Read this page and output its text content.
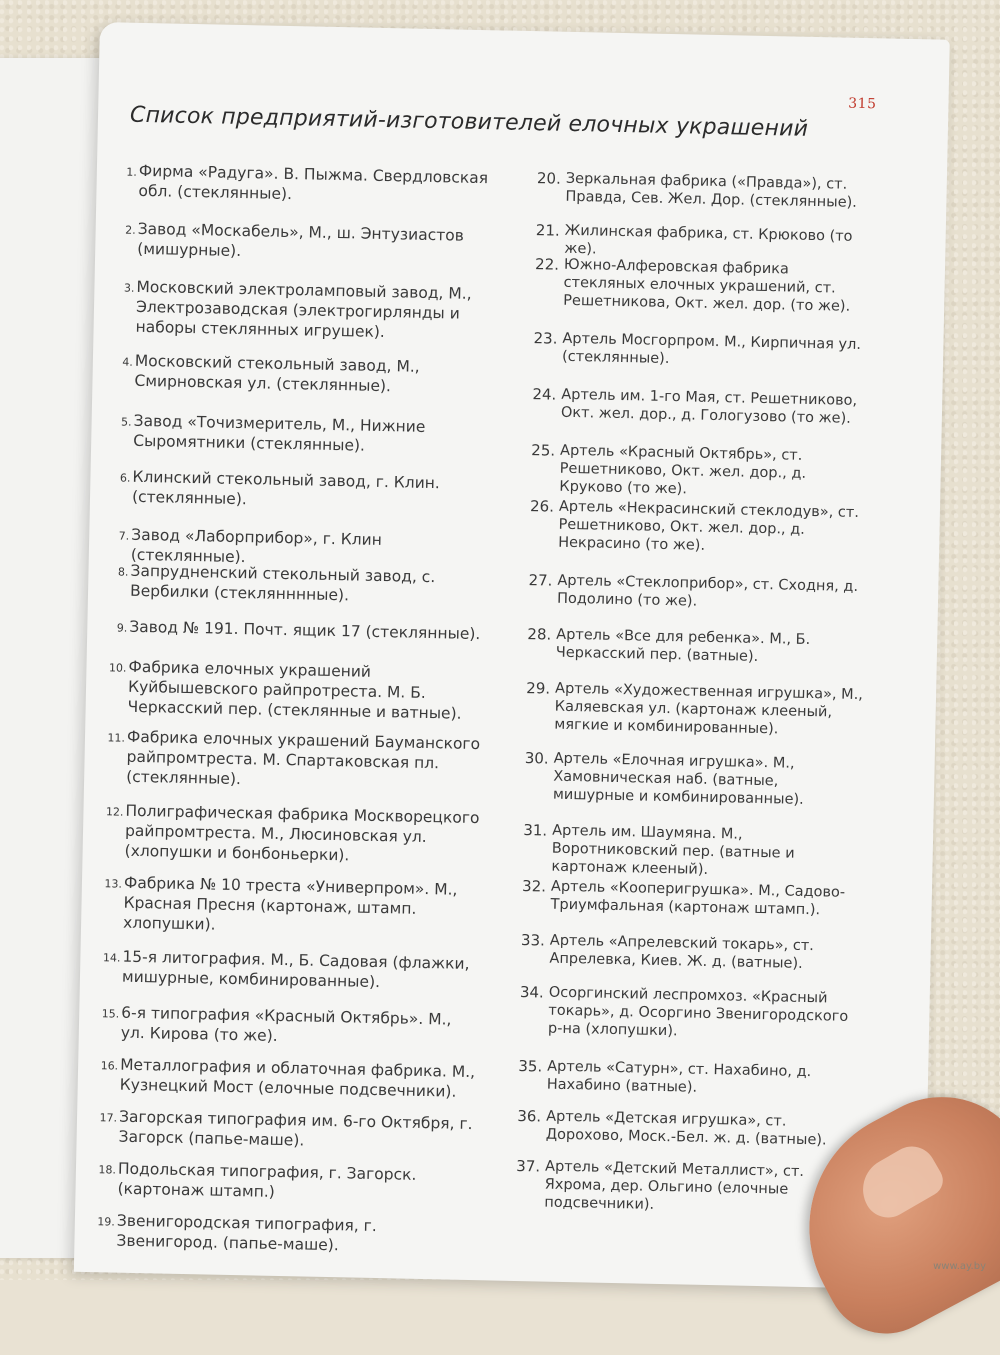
315
Список предприятий-изготовителей елочных украшений
1. Фирма «Радуга». В. Пыжма. Свердловская обл. (стеклянные).
2. Завод «Москабель», М., ш. Энтузиастов (мишурные).
3. Московский электроламповый завод, М., Электрозаводская (электрогирлянды и наборы стеклянных игрушек).
4. Московский стекольный завод, М., Смирновская ул. (стеклянные).
5. Завод «Точизмеритель, М., Нижние Сыромятники (стеклянные).
6. Клинский стекольный завод, г. Клин. (стеклянные).
7. Завод «Лаборприбор», г. Клин (стеклянные).
8. Запрудненский стекольный завод, с. Вербилки (стеклянннные).
9. Завод № 191. Почт. ящик 17 (стеклянные).
10. Фабрика елочных украшений Куйбышевского райпротреста. М. Б. Черкасский пер. (стеклянные и ватные).
11. Фабрика елочных украшений Бауманского райпромтреста. М. Спартаковская пл. (стеклянные).
12. Полиграфическая фабрика Москворецкого райпромтреста. М., Люсиновская ул. (хлопушки и бонбоньерки).
13. Фабрика № 10 треста «Универпром». М., Красная Пресня (картонаж, штамп. хлопушки).
14. 15-я литография. М., Б. Садовая (флажки, мишурные, комбинированные).
15. 6-я типография «Красный Октябрь». М., ул. Кирова (то же).
16. Металлография и облаточная фабрика. М., Кузнецкий Мост (елочные подсвечники).
17. Загорская типография им. 6-го Октября, г. Загорск (папье-маше).
18. Подольская типография, г. Загорск. (картонаж штамп.)
19. Звенигородская типография, г. Звенигород. (папье-маше).
20. Зеркальная фабрика («Правда»), ст. Правда, Сев. Жел. Дор. (стеклянные).
21. Жилинская фабрика, ст. Крюково (то же).
22. Южно-Алферовская фабрика стекляных елочных украшений, ст. Решетникова, Окт. жел. дор. (то же).
23. Артель Мосгорпром. М., Кирпичная ул. (стеклянные).
24. Артель им. 1-го Мая, ст. Решетниково, Окт. жел. дор., д. Гологузово (то же).
25. Артель «Красный Октябрь», ст. Решетниково, Окт. жел. дор., д. Круково (то же).
26. Артель «Некрасинский стеклодув», ст. Решетниково, Окт. жел. дор., д. Некрасино (то же).
27. Артель «Стеклоприбор», ст. Сходня, д. Подолино (то же).
28. Артель «Все для ребенка». М., Б. Черкасский пер. (ватные).
29. Артель «Художественная игрушка», М., Каляевская ул. (картонаж клееный, мягкие и комбинированные).
30. Артель «Елочная игрушка». М., Хамовническая наб. (ватные, мишурные и комбинированные).
31. Артель им. Шаумяна. М., Воротниковский пер. (ватные и картонаж клееный).
32. Артель «Кооперигрушка». М., Садово-Триумфальная (картонаж штамп.).
33. Артель «Апрелевский токарь», ст. Апрелевка, Киев. Ж. д. (ватные).
34. Осоргинский леспромхоз. «Красный токарь», д. Осоргино Звенигородского р-на (хлопушки).
35. Артель «Сатурн», ст. Нахабино, д. Нахабино (ватные).
36. Артель «Детская игрушка», ст. Дорохово, Моск.-Бел. ж. д. (ватные).
37. Артель «Детский Металлист», ст. Яхрома, дер. Ольгино (елочные подсвечники).
www.ay.by
